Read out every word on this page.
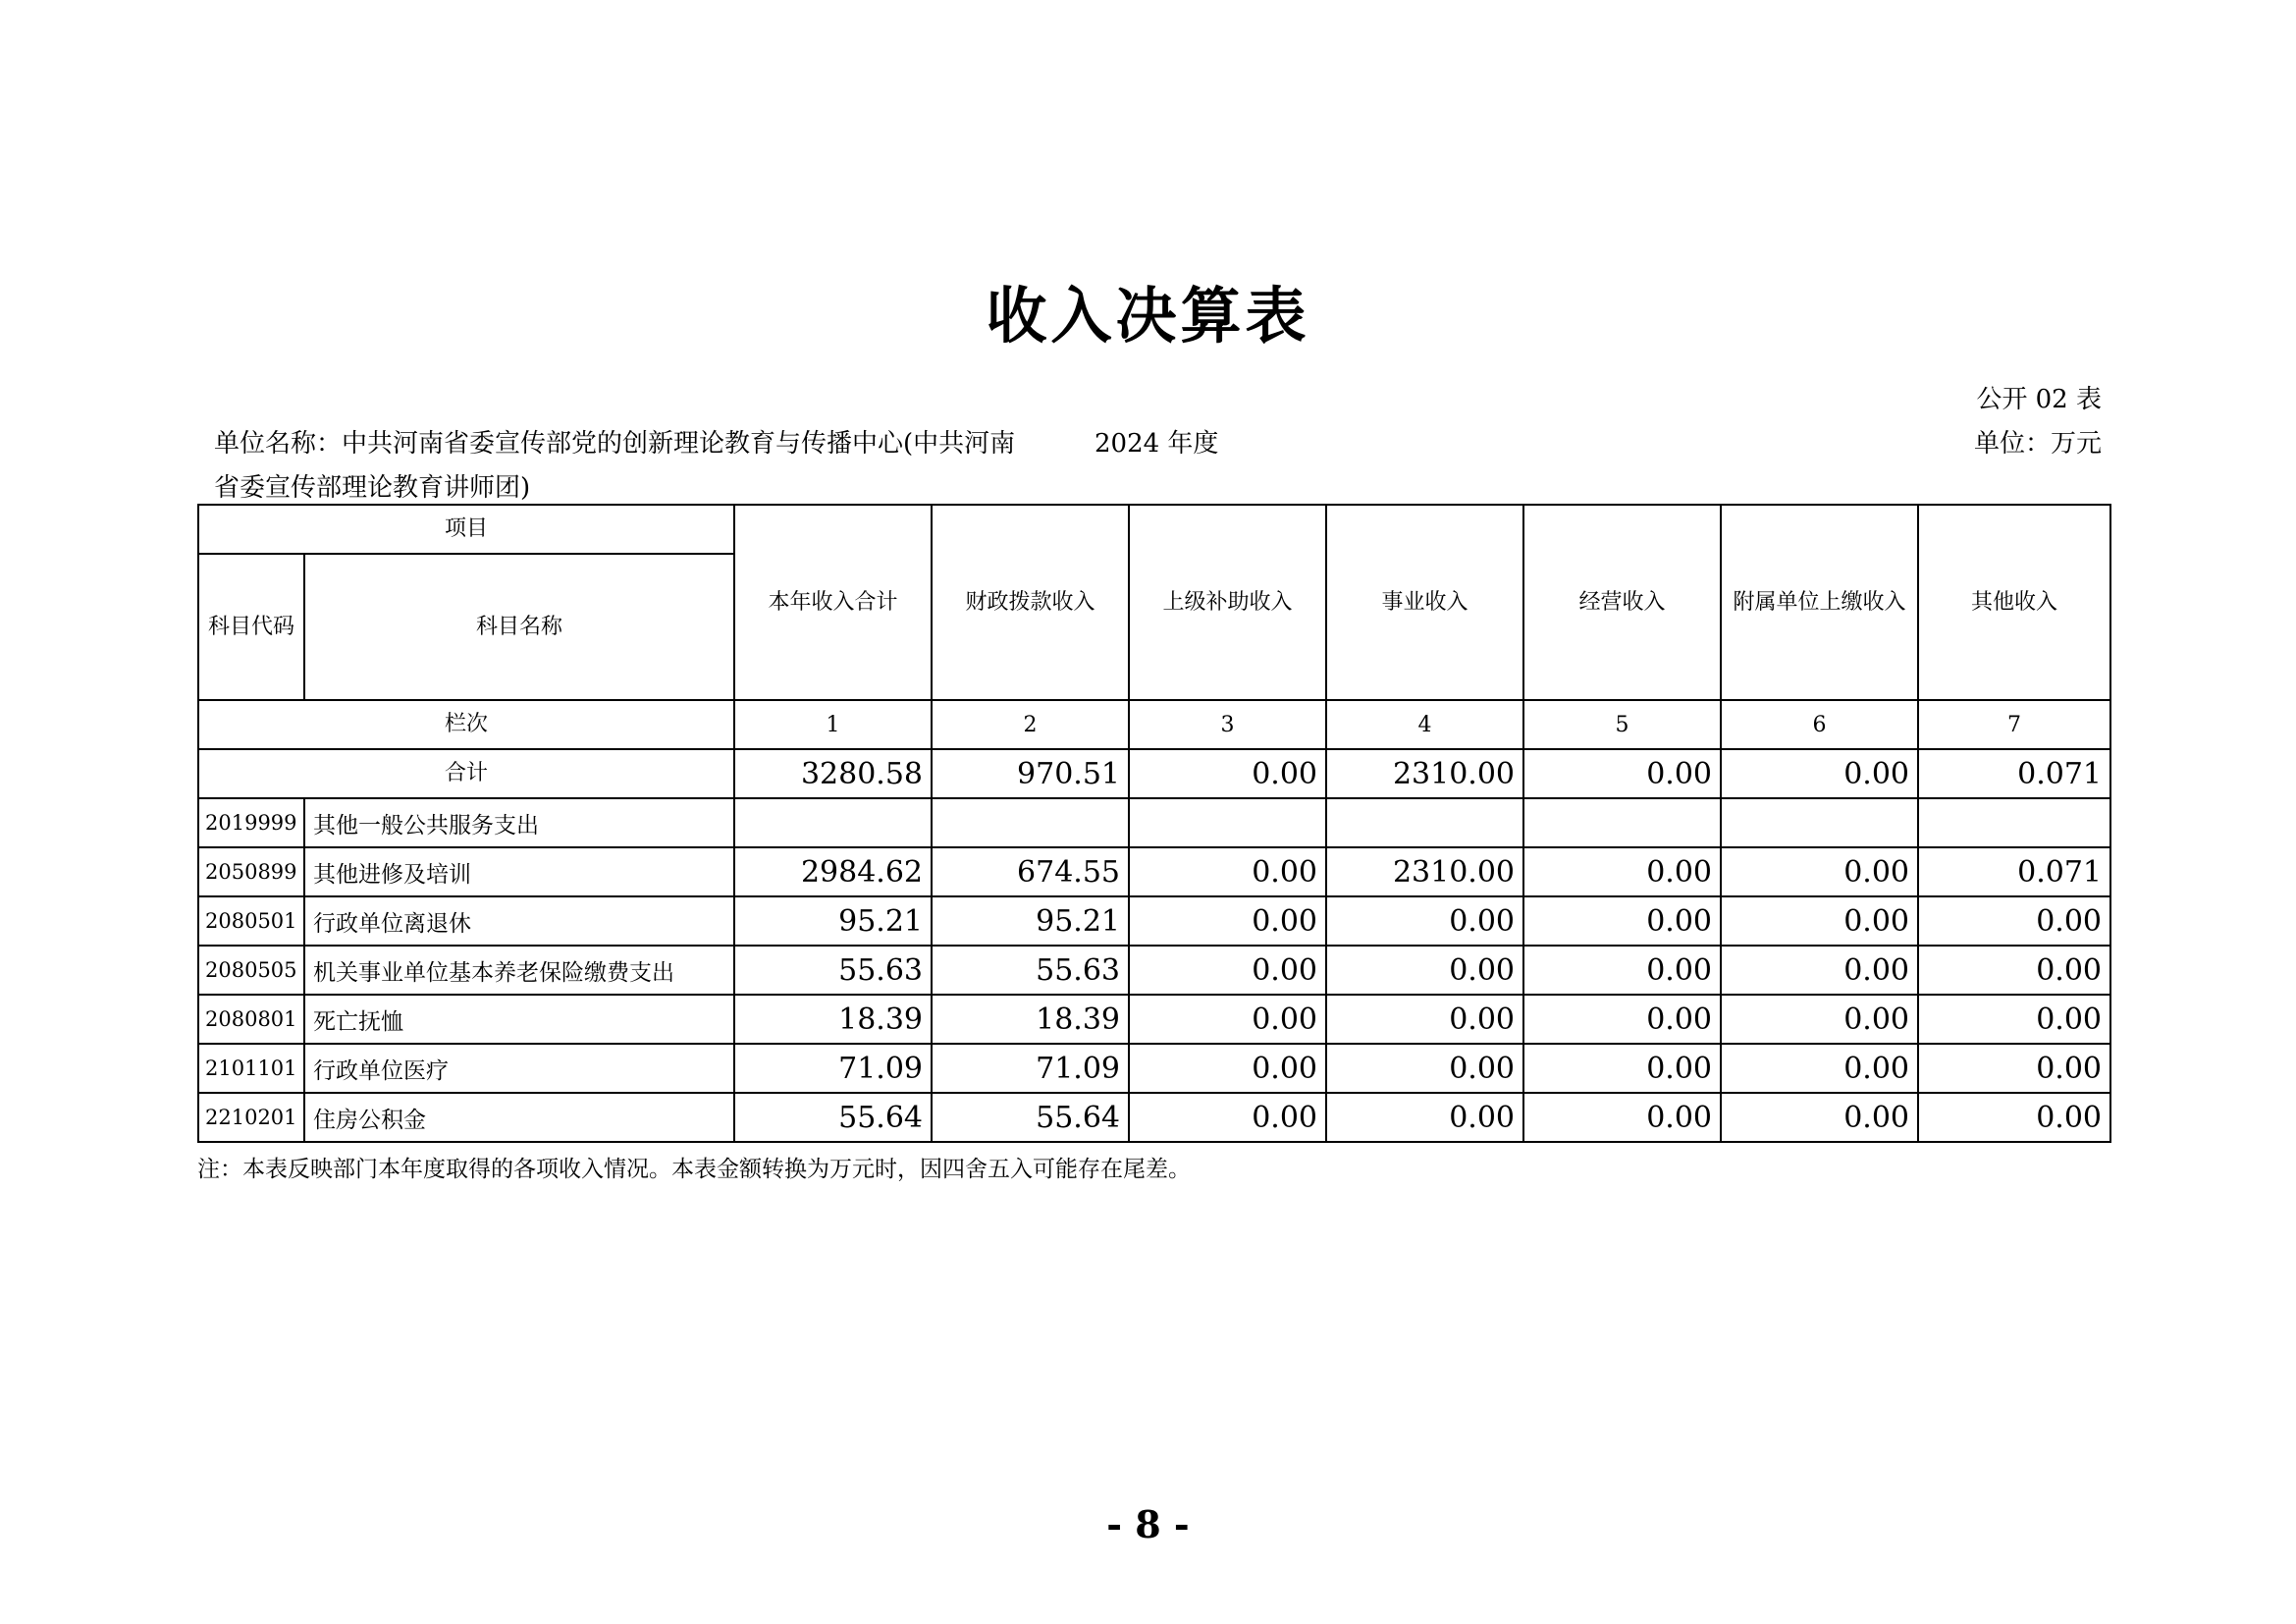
收入决算表
公开 02 表
单位名称：中共河南省委宣传部党的创新理论教育与传播中心(中共河南省委宣传部理论教育讲师团)
2024 年度	单位：万元
项目		本年收入合计	财政拨款收入	上级补助收入	事业收入	经营收入	附属单位上缴收入	其他收入
科目代码	科目名称							
栏次		1	2	3	4	5	6	7
合计		3280.58	970.51	0.00	2310.00	0.00	0.00	0.071
2019999	其他一般公共服务支出							
2050899	其他进修及培训	2984.62	674.55	0.00	2310.00	0.00	0.00	0.071
2080501	行政单位离退休	95.21	95.21	0.00	0.00	0.00	0.00	0.00
2080505	机关事业单位基本养老保险缴费支出	55.63	55.63	0.00	0.00	0.00	0.00	0.00
2080801	死亡抚恤	18.39	18.39	0.00	0.00	0.00	0.00	0.00
2101101	行政单位医疗	71.09	71.09	0.00	0.00	0.00	0.00	0.00
2210201	住房公积金	55.64	55.64	0.00	0.00	0.00	0.00	0.00
注：本表反映部门本年度取得的各项收入情况。本表金额转换为万元时，因四舍五入可能存在尾差。
- 8 -
